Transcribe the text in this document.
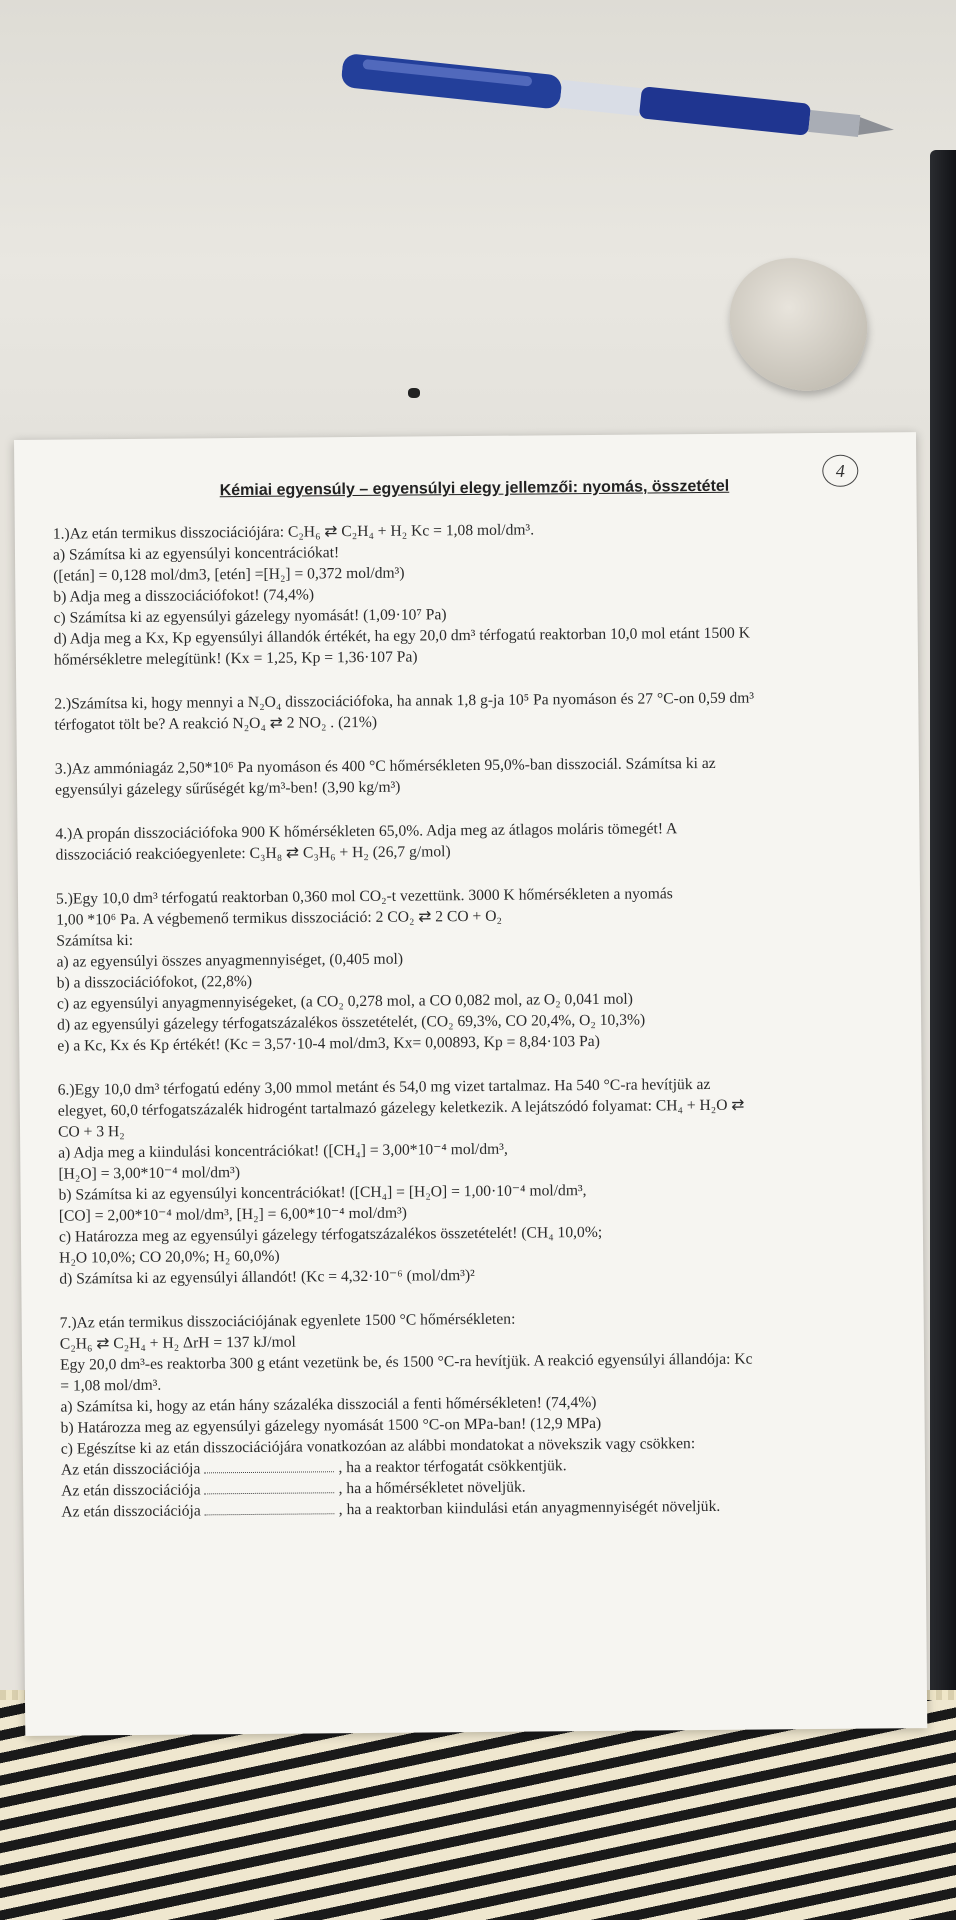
Kémiai egyensúly – egyensúlyi elegy jellemzői: nyomás, összetétel
4

1.)Az etán termikus disszociációjára: C₂H₆ ⇄ C₂H₄ + H₂ Kc = 1,08 mol/dm³.

a) Számítsa ki az egyensúlyi koncentrációkat!

([etán] = 0,128 mol/dm3, [etén] =[H₂] = 0,372 mol/dm³)

b) Adja meg a disszociációfokot! (74,4%)

c) Számítsa ki az egyensúlyi gázelegy nyomását! (1,09·10⁷ Pa)

d) Adja meg a Kx, Kp egyensúlyi állandók értékét, ha egy 20,0 dm³ térfogatú reaktorban 10,0 mol etánt 1500 K

hőmérsékletre melegítünk! (Kx = 1,25, Kp = 1,36·107 Pa)

2.)Számítsa ki, hogy mennyi a N₂O₄ disszociációfoka, ha annak 1,8 g-ja 10⁵ Pa nyomáson és 27 °C-on 0,59 dm³

térfogatot tölt be? A reakció N₂O₄ ⇄ 2 NO₂ . (21%)

3.)Az ammóniagáz 2,50*10⁶ Pa nyomáson és 400 °C hőmérsékleten 95,0%-ban disszociál. Számítsa ki az

egyensúlyi gázelegy sűrűségét kg/m³-ben! (3,90 kg/m³)

4.)A propán disszociációfoka 900 K hőmérsékleten 65,0%. Adja meg az átlagos moláris tömegét! A

disszociáció reakcióegyenlete: C₃H₈ ⇄ C₃H₆ + H₂ (26,7 g/mol)

5.)Egy 10,0 dm³ térfogatú reaktorban 0,360 mol CO₂-t vezettünk. 3000 K hőmérsékleten a nyomás

1,00 *10⁶ Pa. A végbemenő termikus disszociáció: 2 CO₂ ⇄ 2 CO + O₂

Számítsa ki:

a) az egyensúlyi összes anyagmennyiséget, (0,405 mol)

b) a disszociációfokot, (22,8%)

c) az egyensúlyi anyagmennyiségeket, (a CO₂ 0,278 mol, a CO 0,082 mol, az O₂ 0,041 mol)

d) az egyensúlyi gázelegy térfogatszázalékos összetételét, (CO₂ 69,3%, CO 20,4%, O₂ 10,3%)

e) a Kc, Kx és Kp értékét! (Kc = 3,57·10-4 mol/dm3, Kx= 0,00893, Kp = 8,84·103 Pa)

6.)Egy 10,0 dm³ térfogatú edény 3,00 mmol metánt és 54,0 mg vizet tartalmaz. Ha 540 °C-ra hevítjük az

elegyet, 60,0 térfogatszázalék hidrogént tartalmazó gázelegy keletkezik. A lejátszódó folyamat: CH₄ + H₂O ⇄

CO + 3 H₂

a) Adja meg a kiindulási koncentrációkat! ([CH₄] = 3,00*10⁻⁴ mol/dm³,

[H₂O] = 3,00*10⁻⁴ mol/dm³)

b) Számítsa ki az egyensúlyi koncentrációkat! ([CH₄] = [H₂O] = 1,00·10⁻⁴ mol/dm³,

[CO] = 2,00*10⁻⁴ mol/dm³, [H₂] = 6,00*10⁻⁴ mol/dm³)

c) Határozza meg az egyensúlyi gázelegy térfogatszázalékos összetételét! (CH₄ 10,0%;

H₂O 10,0%; CO 20,0%; H₂ 60,0%)

d) Számítsa ki az egyensúlyi állandót! (Kc = 4,32·10⁻⁶ (mol/dm³)²

7.)Az etán termikus disszociációjának egyenlete 1500 °C hőmérsékleten:

C₂H₆ ⇄ C₂H₄ + H₂ ΔrH = 137 kJ/mol

Egy 20,0 dm³-es reaktorba 300 g etánt vezetünk be, és 1500 °C-ra hevítjük. A reakció egyensúlyi állandója: Kc

= 1,08 mol/dm³.

a) Számítsa ki, hogy az etán hány százaléka disszociál a fenti hőmérsékleten! (74,4%)

b) Határozza meg az egyensúlyi gázelegy nyomását 1500 °C-on MPa-ban! (12,9 MPa)

c) Egészítse ki az etán disszociációjára vonatkozóan az alábbi mondatokat a növekszik vagy csökken:

Az etán disszociációja	, ha a reaktor térfogatát csökkentjük.

Az etán disszociációja	, ha a hőmérsékletet növeljük.

Az etán disszociációja	, ha a reaktorban kiindulási etán anyagmennyiségét növeljük.
